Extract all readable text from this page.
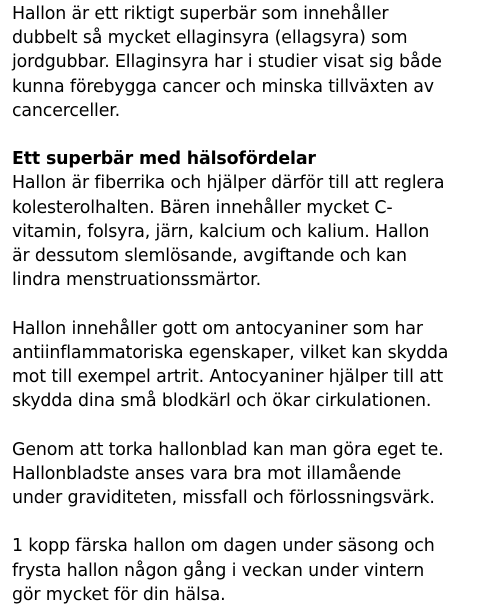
Hallon är ett riktigt superbär som innehåller
dubbelt så mycket ellaginsyra (ellagsyra) som
jordgubbar. Ellaginsyra har i studier visat sig både
kunna förebygga cancer och minska tillväxten av
cancerceller.

Ett superbär med hälsofördelar
Hallon är fiberrika och hjälper därför till att reglera
kolesterolhalten. Bären innehåller mycket C-
vitamin, folsyra, järn, kalcium och kalium. Hallon
är dessutom slemlösande, avgiftande och kan
lindra menstruationssmärtor.

Hallon innehåller gott om antocyaniner som har
antiinflammatoriska egenskaper, vilket kan skydda
mot till exempel artrit. Antocyaniner hjälper till att
skydda dina små blodkärl och ökar cirkulationen.

Genom att torka hallonblad kan man göra eget te.
Hallonbladste anses vara bra mot illamående
under graviditeten, missfall och förlossningsvärk.

1 kopp färska hallon om dagen under säsong och
frysta hallon någon gång i veckan under vintern
gör mycket för din hälsa.
